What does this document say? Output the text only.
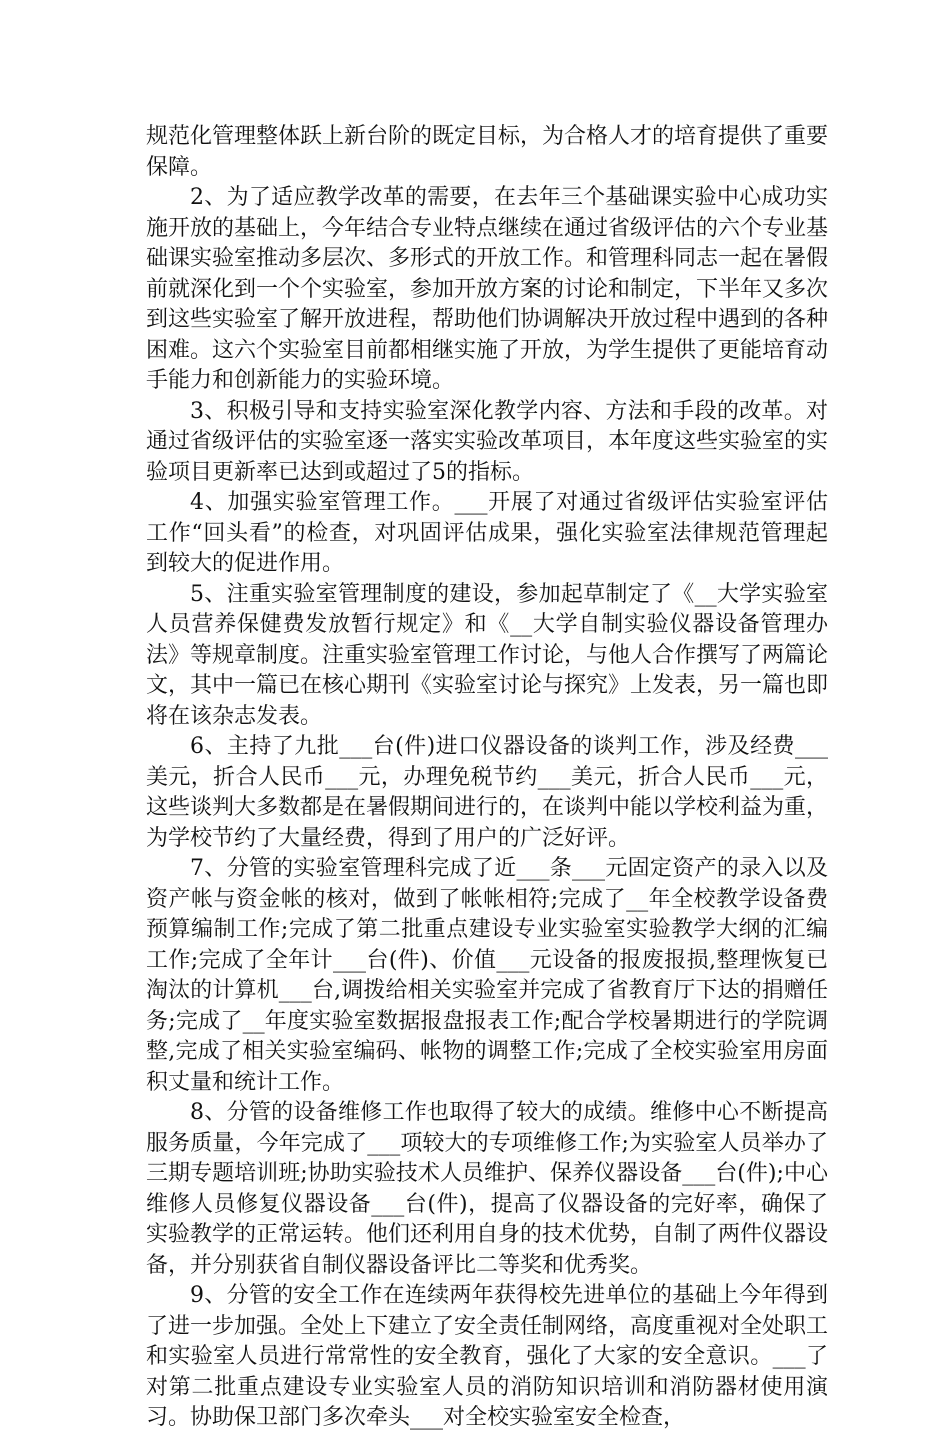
规范化管理整体跃上新台阶的既定目标，为合格人才的培育提供了重要保障。

2、为了适应教学改革的需要，在去年三个基础课实验中心成功实施开放的基础上，今年结合专业特点继续在通过省级评估的六个专业基础课实验室推动多层次、多形式的开放工作。和管理科同志一起在暑假前就深化到一个个实验室，参加开放方案的讨论和制定，下半年又多次到这些实验室了解开放进程，帮助他们协调解决开放过程中遇到的各种困难。这六个实验室目前都相继实施了开放，为学生提供了更能培育动手能力和创新能力的实验环境。

3、积极引导和支持实验室深化教学内容、方法和手段的改革。对通过省级评估的实验室逐一落实实验改革项目，本年度这些实验室的实验项目更新率已达到或超过了5的指标。

4、加强实验室管理工作。___开展了对通过省级评估实验室评估工作“回头看”的检查，对巩固评估成果，强化实验室法律规范管理起到较大的促进作用。

5、注重实验室管理制度的建设，参加起草制定了《__大学实验室人员营养保健费发放暂行规定》和《__大学自制实验仪器设备管理办法》等规章制度。注重实验室管理工作讨论，与他人合作撰写了两篇论文，其中一篇已在核心期刊《实验室讨论与探究》上发表，另一篇也即将在该杂志发表。

6、主持了九批___台(件)进口仪器设备的谈判工作，涉及经费___美元，折合人民币___元，办理免税节约___美元，折合人民币___元，这些谈判大多数都是在暑假期间进行的，在谈判中能以学校利益为重，为学校节约了大量经费，得到了用户的广泛好评。

7、分管的实验室管理科完成了近___条___元固定资产的录入以及资产帐与资金帐的核对，做到了帐帐相符;完成了__年全校教学设备费预算编制工作;完成了第二批重点建设专业实验室实验教学大纲的汇编工作;完成了全年计___台(件)、价值___元设备的报废报损,整理恢复已淘汰的计算机___台,调拨给相关实验室并完成了省教育厅下达的捐赠任务;完成了__年度实验室数据报盘报表工作;配合学校暑期进行的学院调整,完成了相关实验室编码、帐物的调整工作;完成了全校实验室用房面积丈量和统计工作。

8、分管的设备维修工作也取得了较大的成绩。维修中心不断提高服务质量，今年完成了___项较大的专项维修工作;为实验室人员举办了三期专题培训班;协助实验技术人员维护、保养仪器设备___台(件);中心维修人员修复仪器设备___台(件)，提高了仪器设备的完好率，确保了实验教学的正常运转。他们还利用自身的技术优势，自制了两件仪器设备，并分别获省自制仪器设备评比二等奖和优秀奖。

9、分管的安全工作在连续两年获得校先进单位的基础上今年得到了进一步加强。全处上下建立了安全责任制网络，高度重视对全处职工和实验室人员进行常常性的安全教育，强化了大家的安全意识。___了对第二批重点建设专业实验室人员的消防知识培训和消防器材使用演习。协助保卫部门多次牵头___对全校实验室安全检查，
